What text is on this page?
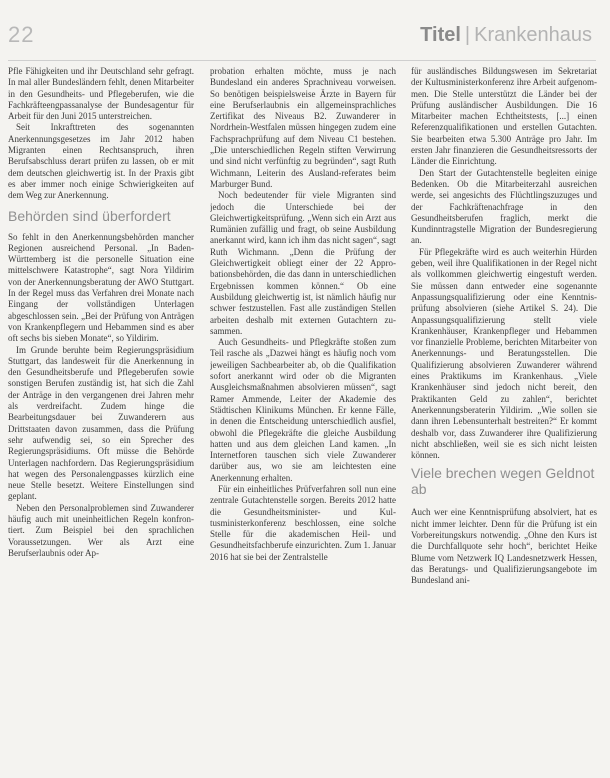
22	Titel | Krankenhaus

Pfle Fähigkeiten und ihr Deutschland sehr gefragt. In mal aller Bundesländern fehlt, denen Mitarbeiter in den Gesundheits- und Pflegeberufen, wie die Fachkräfteengpassanalyse der Bundesagentur für Arbeit für den Juni 2015 unterstreichen.

Seit Inkrafttreten des sogenannten Anerkennungsgesetzes im Jahr 2012 haben Migranten einen Rechtsanspruch, ihren Berufsabschluss derart prüfen zu lassen, ob er mit dem deutschen gleichwertig ist. In der Praxis gibt es aber immer noch einige Schwierigkeiten auf dem Weg zur Anerkennung.

Behörden sind überfordert

So fehlt in den Anerkennungsbehörden mancher Regionen ausreichend Personal. „In Baden-Württemberg ist die personelle Situation eine mittelschwere Katastrophe“, sagt Nora Yildirim von der Anerkennungsberatung der AWO Stuttgart. In der Regel muss das Verfahren drei Monate nach Eingang der vollständigen Unterlagen abgeschlossen sein. „Bei der Prüfung von Anträgen von Krankenpflegern und Hebammen sind es aber oft sechs bis sieben Monate“, so Yildirim.

Im Grunde beruhte beim Regierungspräsidium Stuttgart, das landesweit für die Anerkennung in den Gesundheitsberufe und Pflegeberufen sowie sonstigen Berufen zuständig ist, hat sich die Zahl der Anträge in den vergangenen drei Jahren mehr als verdreifacht. Zudem hinge die Bearbeitungsdauer bei Zuwanderern aus Drittstaaten davon zusammen, dass die Prüfung sehr aufwendig sei, so ein Sprecher des Regierungspräsidiums. Oft müsse die Behörde Unterlagen nachfordern. Das Regierungspräsidium hat wegen des Personalengpasses kürzlich eine neue Stelle besetzt. Weitere Einstellungen sind geplant.

Neben den Personalproblemen sind Zuwanderer häufig auch mit uneinheitlichen Regeln konfrontiert. Zum Beispiel bei den sprachlichen Voraussetzungen. Wer als Arzt eine Berufserlaubnis oder Ap-

probation erhalten möchte, muss je nach Bundesland ein anderes Sprachniveau vorweisen. So benötigen beispielsweise Ärzte in Bayern für eine Berufserlaubnis ein allgemeinsprachliches Zertifikat des Niveaus B2. Zuwanderer in Nordrhein-Westfalen müssen hingegen zudem eine Fachsprachprüfung auf dem Niveau C1 bestehen. „Die unterschiedlichen Regeln stiften Verwirrung und sind nicht verfünftig zu begründen“, sagt Ruth Wichmann, Leiterin des Ausland-referates beim Marburger Bund.

Noch bedeutender für viele Migranten sind jedoch die Unterschiede bei der Gleichwertigkeitsprüfung. „Wenn sich ein Arzt aus Rumänien zufällig und fragt, ob seine Ausbildung anerkannt wird, kann ich ihm das nicht sagen“, sagt Ruth Wichmann. „Denn die Prüfung der Gleichwertigkeit obliegt einer der 22 Approbationsbehörden, die das dann in unterschiedlichen Ergebnissen kommen können.“ Ob eine Ausbildung gleichwertig ist, ist nämlich häufig nur schwer festzustellen. Fast alle zuständigen Stellen arbeiten deshalb mit externen Gutachtern zusammen.

Auch Gesundheits- und Pflegkräfte stoßen zum Teil rasche als „Dazwei hängt es häufig noch vom jeweiligen Sachbearbeiter ab, ob die Qualifikation sofort anerkannt wird oder ob die Migranten Ausgleichsmaßnahmen absolvieren müssen“, sagt Ramer Ammende, Leiter der Akademie des Städtischen Klinikums München. Er kenne Fälle, in denen die Entscheidung unterschiedlich ausfiel, obwohl die Pflegekräfte die gleiche Ausbildung hatten und aus dem gleichen Land kamen. „In Internetforen tauschen sich viele Zuwanderer darüber aus, wo sie am leichtesten eine Anerkennung erhalten.

Für ein einheitliches Prüfverfahren soll nun eine zentrale Gutachtenstelle sorgen. Bereits 2012 hatte die Gesundheitsminister- und Kultusministerkonferenz beschlossen, eine solche Stelle für die akademischen Heil- und Gesundheitsfachberufe einzurichten. Zum 1. Januar 2016 hat sie bei der Zentralstelle

für ausländisches Bildungswesen im Sekretariat der Kultusministerkonferenz ihre Arbeit aufgenommen. Die Stelle unterstützt die Länder bei der Prüfung ausländischer Ausbildungen. Die 16 Mitarbeiter machen Echtheitstests, [...] einen Referenzqualifikationen und erstellen Gutachten. Sie bearbeiten etwa 5.300 Anträge pro Jahr. Im ersten Jahr finanzieren die Gesundheitsressorts der Länder die Einrichtung.

Den Start der Gutachtenstelle begleiten einige Bedenken. Ob die Mitarbeiterzahl ausreichen werde, sei angesichts des Flüchtlingszuzuges und der Fachkräftenachfrage in den Gesundheitsberufen fraglich, merkt die Kundinntragstelle Migration der Bundesregierung an.

Für Pflegekräfte wird es auch weiterhin Hürden geben, weil ihre Qualifikationen in der Regel nicht als vollkommen gleichwertig eingestuft werden. Sie müssen dann entweder eine sogenannte Anpassungsqualifizierung oder eine Kenntnisprüfung absolvieren (siehe Artikel S. 24). Die Anpassungsqualifizierung stellt viele Krankenhäuser, Krankenpfleger und Hebammen vor finanzielle Probleme, berichten Mitarbeiter von Anerkennungs- und Beratungsstellen. Die Qualifizierung absolvieren Zuwanderer während eines Praktikums im Krankenhaus. „Viele Krankenhäuser sind jedoch nicht bereit, den Praktikanten Geld zu zahlen“, berichtet Anerkennungsberaterin Yildirim. „Wie sollen sie dann ihren Lebensunterhalt bestreiten?“ Er kommt deshalb vor, dass Zuwanderer ihre Qualifizierung nicht abschließen, weil sie es sich nicht leisten können.

Viele brechen wegen Geldnot ab

Auch wer eine Kenntnisprüfung absolviert, hat es nicht immer leichter. Denn für die Prüfung ist ein Vorbereitungskurs notwendig. „Ohne den Kurs ist die Durchfallquote sehr hoch“, berichtet Heike Blume vom Netzwerk IQ Landesnetzwerk Hessen, das Beratungs- und Qualifizierungsangebote im Bundesland ani-
